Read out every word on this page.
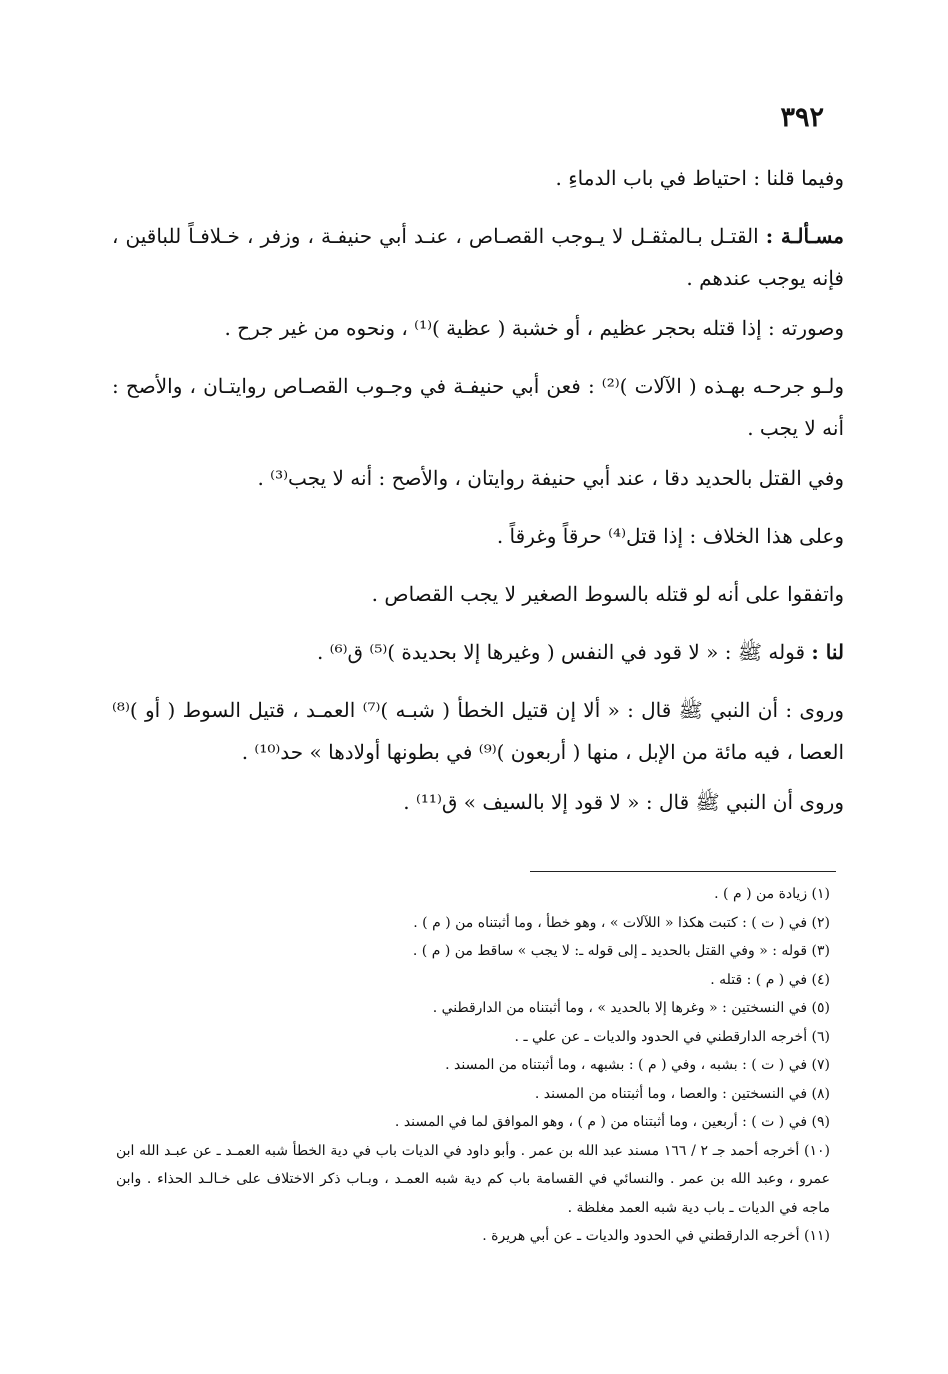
٣٩٢

وفيما قلنا : احتياط في باب الدماءِ .

مسـألـة : القتـل بـالمثقـل لا يـوجب القصـاص ، عنـد أبي حنيفـة ، وزفر ، خـلافـاً للباقين ، فإنه يوجب عندهم .

وصورته : إذا قتله بحجر عظيم ، أو خشبة ( عظية )⁽¹⁾ ، ونحوه من غير جرح .

ولـو جرحـه بهـذه ( الآلات )⁽²⁾ : فعن أبي حنيفـة في وجـوب القصـاص روايتـان ، والأصح : أنه لا يجب .

وفي القتل بالحديد دقا ، عند أبي حنيفة روايتان ، والأصح : أنه لا يجب⁽³⁾ .

وعلى هذا الخلاف : إذا قتل⁽⁴⁾ حرقاً وغرقاً .

واتفقوا على أنه لو قتله بالسوط الصغير لا يجب القصاص .

لنا : قوله ﷺ : « لا قود في النفس ( وغيرها إلا بحديدة )⁽⁵⁾ ق⁽⁶⁾ .

وروى : أن النبي ﷺ قال : « ألا إن قتيل الخطأ ( شبـه )⁽⁷⁾ العمـد ، قتيل السوط ( أو )⁽⁸⁾ العصا ، فيه مائة من الإبل ، منها ( أربعون )⁽⁹⁾ في بطونها أولادها » حد⁽¹⁰⁾ .

وروى أن النبي ﷺ قال : « لا قود إلا بالسيف » ق⁽¹¹⁾ .

(١) زيادة من ( م ) .

(٢) في ( ت ) : كتبت هكذا « اللآلات » ، وهو خطأ ، وما أثبتناه من ( م ) .

(٣) قوله : « وفي القتل بالحديد ـ إلى قوله ـ: لا يجب » ساقط من ( م ) .

(٤) في ( م ) : قتله .

(٥) في النسختين : « وغرها إلا بالحديد » ، وما أثبتناه من الدارقطني .

(٦) أخرجه الدارقطني في الحدود والديات ـ عن علي ـ .

(٧) في ( ت ) : بشبه ، وفي ( م ) : بشبهه ، وما أثبتناه من المسند .

(٨) في النسختين : والعصا ، وما أثبتناه من المسند .

(٩) في ( ت ) : أربعين ، وما أثبتناه من ( م ) ، وهو الموافق لما في المسند .

(١٠) أخرجه أحمد جـ ٢ / ١٦٦ مسند عبد الله بن عمر . وأبو داود في الديات باب في دية الخطأ شبه العمـد ـ عن عبـد الله ابن عمرو ، وعبد الله بن عمر . والنسائي في القسامة باب كم دية شبه العمـد ، وبـاب ذكر الاختلاف على خـالـد الحذاء . وابن ماجه في الديات ـ باب دية شبه العمد مغلظة .

(١١) أخرجه الدارقطني في الحدود والديات ـ عن أبي هريرة .
